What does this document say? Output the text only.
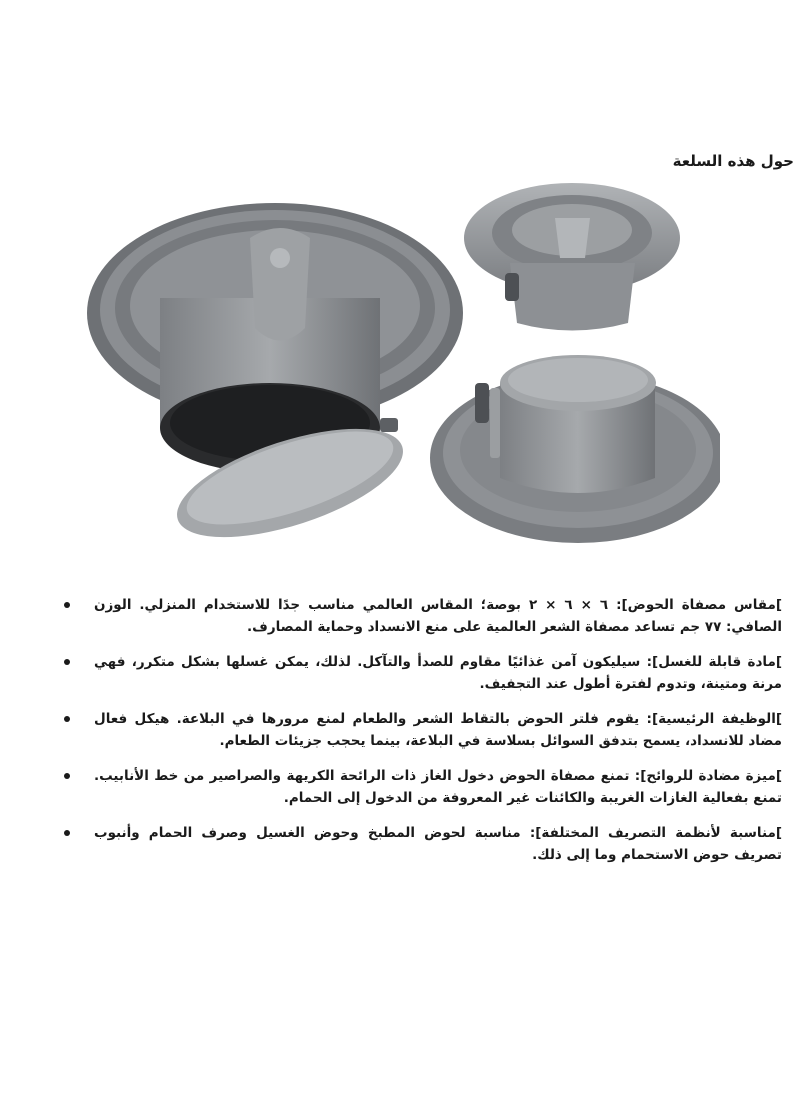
حول هذه السلعة
]مقاس مصفاة الحوض]: ٦ × ٦ × ٢ بوصة؛ المقاس العالمي مناسب جدًا للاستخدام المنزلي. الوزن الصافي: ٧٧ جم تساعد مصفاة الشعر العالمية على منع الانسداد وحماية المصارف.
]مادة قابلة للغسل]: سيليكون آمن غذائيًا مقاوم للصدأ والتآكل. لذلك، يمكن غسلها بشكل متكرر، فهي مرنة ومتينة، وتدوم لفترة أطول عند التجفيف.
]الوظيفة الرئيسية]: يقوم فلتر الحوض بالتقاط الشعر والطعام لمنع مرورها في البلاعة. هيكل فعال مضاد للانسداد، يسمح بتدفق السوائل بسلاسة في البلاعة، بينما يحجب جزيئات الطعام.
]ميزة مضادة للروائح]: تمنع مصفاة الحوض دخول الغاز ذات الرائحة الكريهة والصراصير من خط الأنابيب. تمنع بفعالية الغازات الغريبة والكائنات غير المعروفة من الدخول إلى الحمام.
]مناسبة لأنظمة التصريف المختلفة]: مناسبة لحوض المطبخ وحوض الغسيل وصرف الحمام وأنبوب تصريف حوض الاستحمام وما إلى ذلك.
